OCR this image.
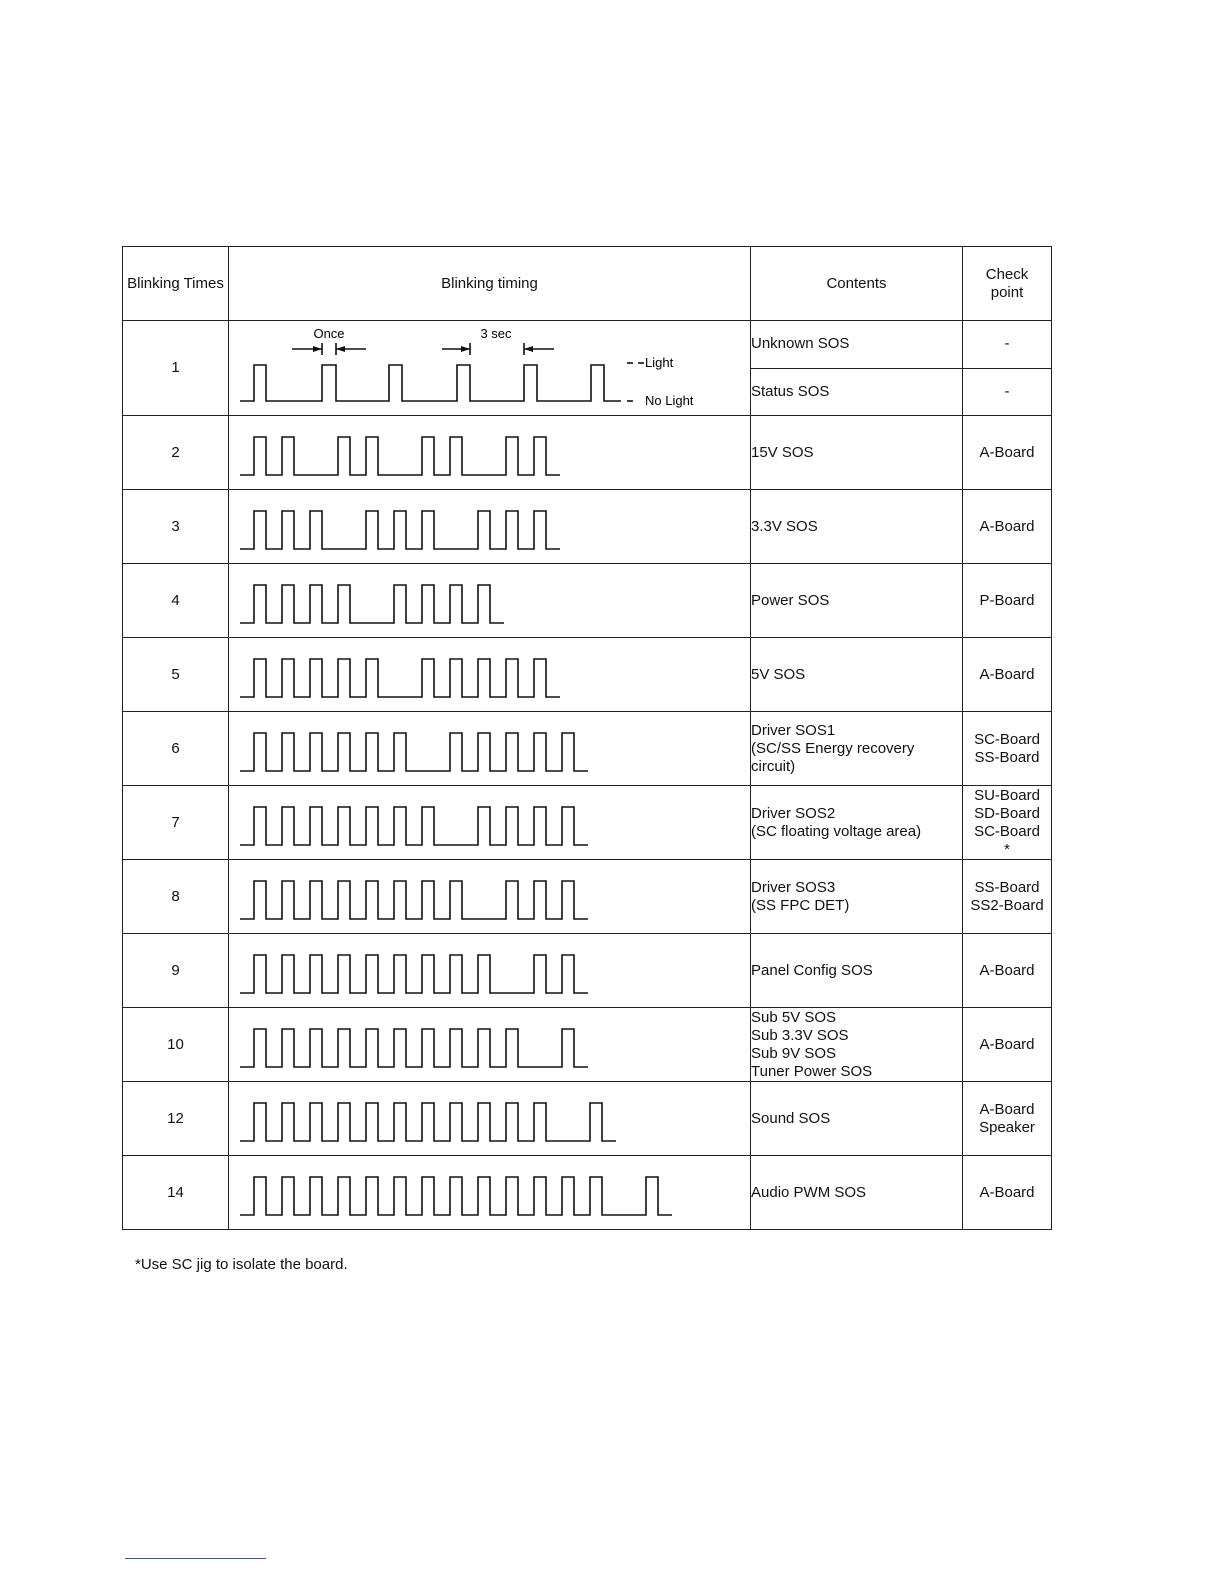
Blinking Times	Blinking timing	Contents	Check
point
1	Once 3 sec
Light
No Light	Unknown SOS	-
		Status SOS	-
2		15V SOS	A-Board
3		3.3V SOS	A-Board
4		Power SOS	P-Board
5		5V SOS	A-Board
6		Driver SOS1
(SC/SS Energy recovery
circuit)	SC-Board
SS-Board
7		Driver SOS2
(SC floating voltage area)	SU-Board
SD-Board
SC-Board
*
8		Driver SOS3
(SS FPC DET)	SS-Board
SS2-Board
9		Panel Config SOS	A-Board
10		Sub 5V SOS
Sub 3.3V SOS
Sub 9V SOS
Tuner Power SOS	A-Board
12		Sound SOS	A-Board
Speaker
14		Audio PWM SOS	A-Board
*Use SC jig to isolate the board.
